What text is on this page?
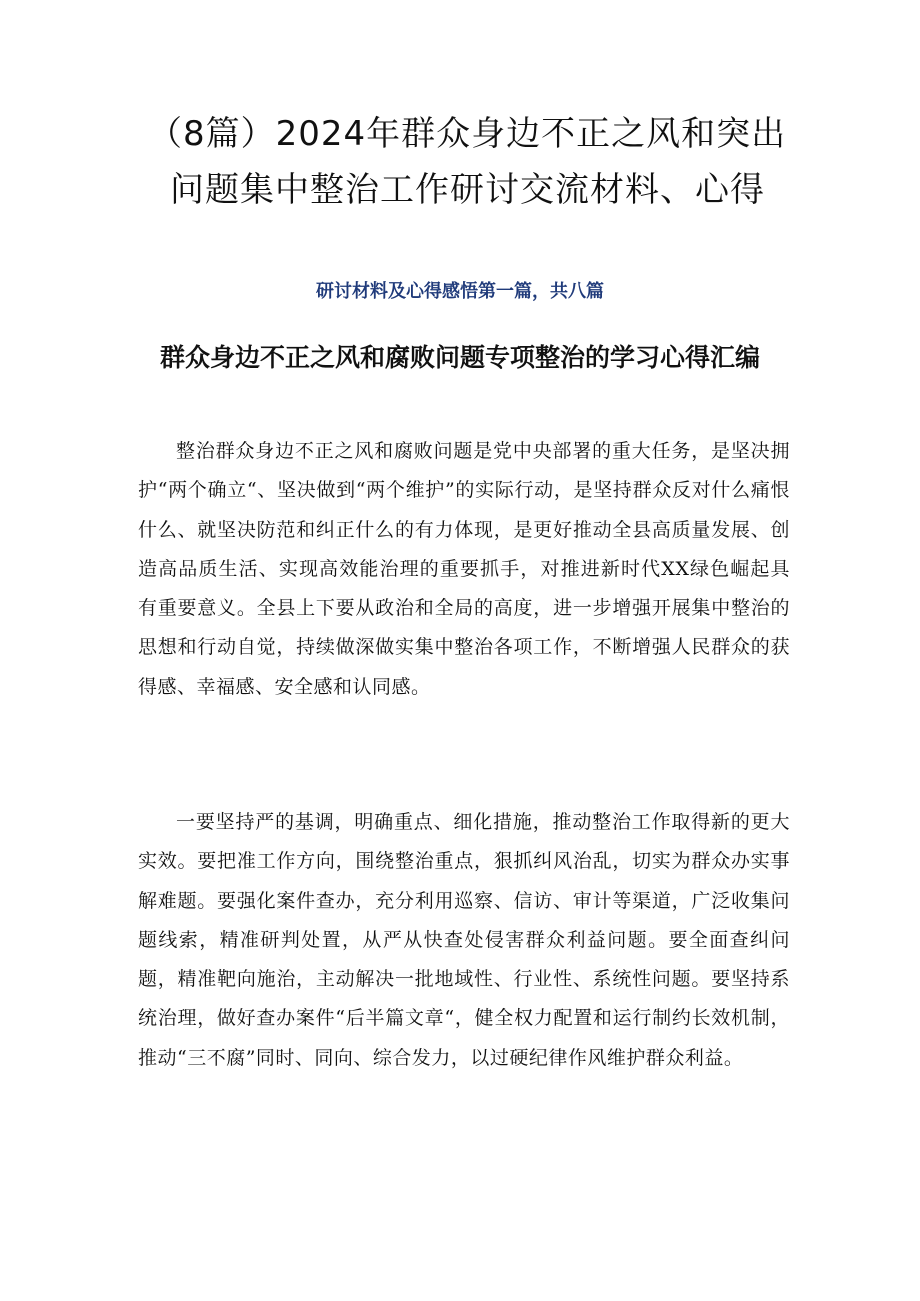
（8篇）2024年群众身边不正之风和突出问题集中整治工作研讨交流材料、心得
研讨材料及心得感悟第一篇，共八篇
群众身边不正之风和腐败问题专项整治的学习心得汇编

整治群众身边不正之风和腐败问题是党中央部署的重大任务，是坚决拥护“两个确立“、坚决做到“两个维护”的实际行动，是坚持群众反对什么痛恨什么、就坚决防范和纠正什么的有力体现，是更好推动全县高质量发展、创造高品质生活、实现高效能治理的重要抓手，对推进新时代XX绿色崛起具有重要意义。全县上下要从政治和全局的高度，进一步增强开展集中整治的思想和行动自觉，持续做深做实集中整治各项工作，不断增强人民群众的获得感、幸福感、安全感和认同感。

一要坚持严的基调，明确重点、细化措施，推动整治工作取得新的更大实效。要把准工作方向，围绕整治重点，狠抓纠风治乱，切实为群众办实事解难题。要强化案件查办，充分利用巡察、信访、审计等渠道，广泛收集问题线索，精准研判处置，从严从快查处侵害群众利益问题。要全面查纠问题，精准靶向施治，主动解决一批地域性、行业性、系统性问题。要坚持系统治理，做好查办案件“后半篇文章“，健全权力配置和运行制约长效机制，推动“三不腐”同时、同向、综合发力，以过硬纪律作风维护群众利益。
